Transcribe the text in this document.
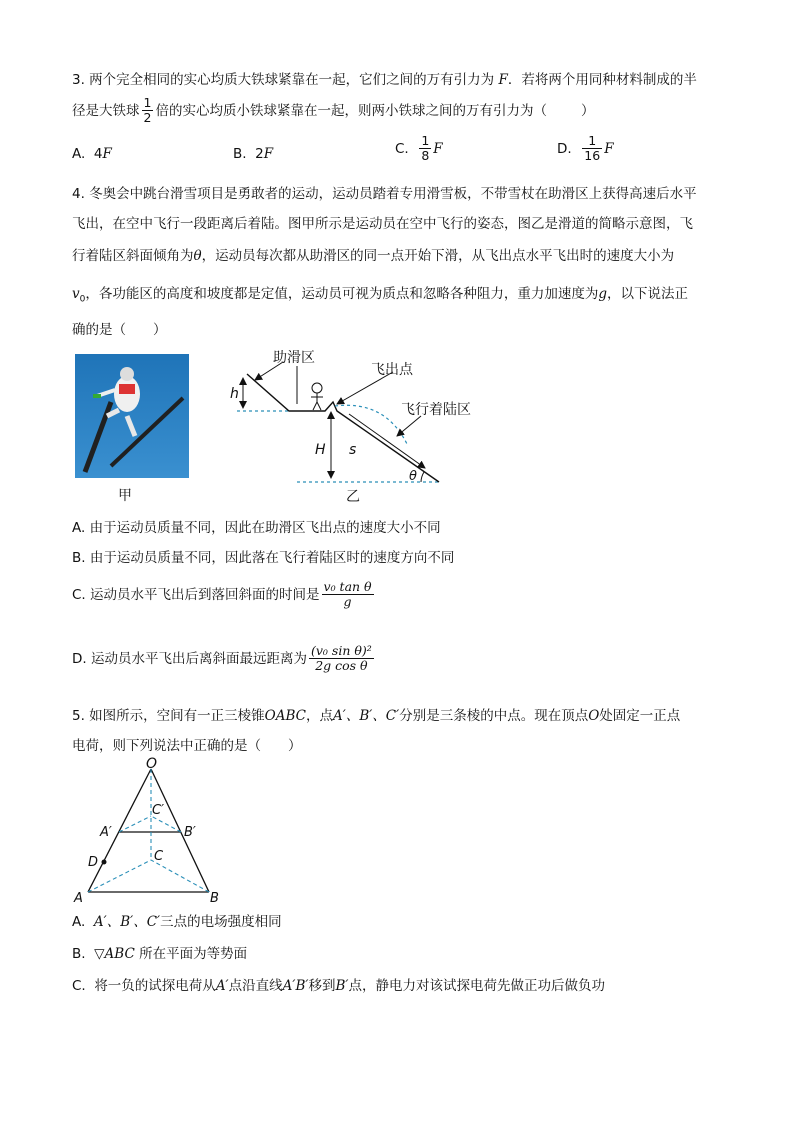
3. 两个完全相同的实心均质大铁球紧靠在一起，它们之间的万有引力为 F．若将两个用同种材料制成的半
径是大铁球 $\frac{1}{2}$ 倍的实心均质小铁球紧靠在一起，则两小铁球之间的万有引力为（	）
A. 4F	B. 2F	C. $\frac{1}{8}$ F	D. $\frac{1}{16}$ F
4. 冬奥会中跳台滑雪项目是勇敢者的运动，运动员踏着专用滑雪板，不带雪杖在助滑区上获得高速后水平
飞出，在空中飞行一段距离后着陆。图甲所示是运动员在空中飞行的姿态，图乙是滑道的简略示意图，飞
行着陆区斜面倾角为θ，运动员每次都从助滑区的同一点开始下滑，从飞出点水平飞出时的速度大小为
$v_0$，各功能区的高度和坡度都是定值，运动员可视为质点和忽略各种阻力，重力加速度为g，以下说法正
确的是（　　）
甲
助滑区
飞出点
飞行着陆区
h
H s
θ
乙
A. 由于运动员质量不同，因此在助滑区飞出点的速度大小不同
B. 由于运动员质量不同，因此落在飞行着陆区时的速度方向不同
C. 运动员水平飞出后到落回斜面的时间是 $\frac{\text{v₀ tan θ}}{g}$
D. 运动员水平飞出后离斜面最远距离为 $\frac{\text{(v₀ sin θ)²}}{\text{2g cos θ}}$
5. 如图所示，空间有一正三棱锥OABC，点A′、B′、C′分别是三条棱的中点。现在顶点O处固定一正点
电荷，则下列说法中正确的是（　　）
O
C′
A′	B′
C
D
A	B
A. A′、B′、C′三点的电场强度相同
B. ▽ABC 所在平面为等势面
C. 将一负的试探电荷从A′点沿直线A′B′移到B′点，静电力对该试探电荷先做正功后做负功
